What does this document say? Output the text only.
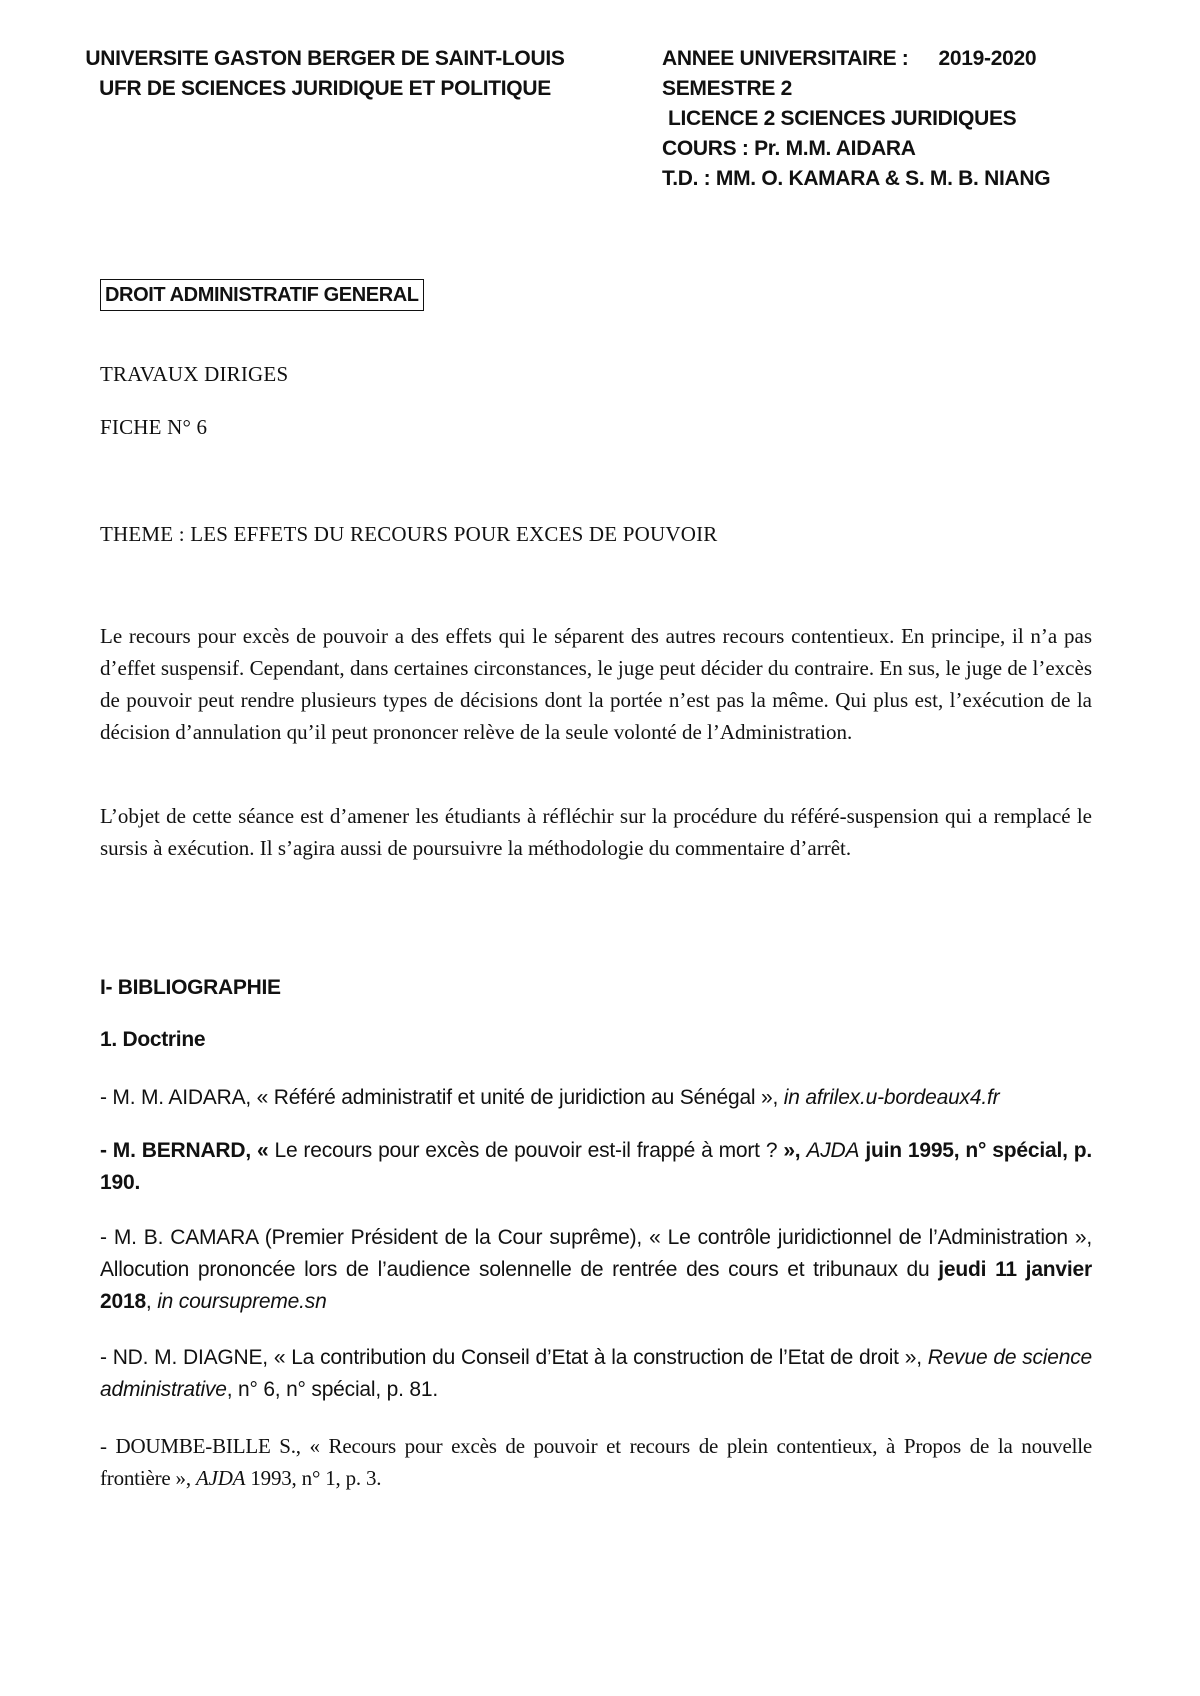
UNIVERSITE GASTON BERGER DE SAINT-LOUIS
UFR DE SCIENCES JURIDIQUE ET POLITIQUE
ANNEE UNIVERSITAIRE : 2019-2020
SEMESTRE 2
LICENCE 2 SCIENCES JURIDIQUES
COURS : Pr. M.M. AIDARA
T.D. : MM. O. KAMARA & S. M. B. NIANG
DROIT ADMINISTRATIF GENERAL
TRAVAUX DIRIGES
FICHE N° 6
THEME : LES EFFETS DU RECOURS POUR EXCES DE POUVOIR

Le recours pour excès de pouvoir a des effets qui le séparent des autres recours contentieux. En principe, il n’a pas d’effet suspensif. Cependant, dans certaines circonstances, le juge peut décider du contraire. En sus, le juge de l’excès de pouvoir peut rendre plusieurs types de décisions dont la portée n’est pas la même. Qui plus est, l’exécution de la décision d’annulation qu’il peut prononcer relève de la seule volonté de l’Administration.

L’objet de cette séance est d’amener les étudiants à réfléchir sur la procédure du référé-suspension qui a remplacé le sursis à exécution. Il s’agira aussi de poursuivre la méthodologie du commentaire d’arrêt.

I- BIBLIOGRAPHIE
1. Doctrine

- M. M. AIDARA, « Référé administratif et unité de juridiction au Sénégal », in afrilex.u-bordeaux4.fr

- M. BERNARD, « Le recours pour excès de pouvoir est-il frappé à mort ? », AJDA juin 1995, n° spécial, p. 190.

- M. B. CAMARA (Premier Président de la Cour suprême), « Le contrôle juridictionnel de l’Administration », Allocution prononcée lors de l’audience solennelle de rentrée des cours et tribunaux du jeudi 11 janvier 2018, in coursupreme.sn

- ND. M. DIAGNE, « La contribution du Conseil d’Etat à la construction de l’Etat de droit », Revue de science administrative, n° 6, n° spécial, p. 81.

- DOUMBE-BILLE S., « Recours pour excès de pouvoir et recours de plein contentieux, à Propos de la nouvelle frontière », AJDA 1993, n° 1, p. 3.
